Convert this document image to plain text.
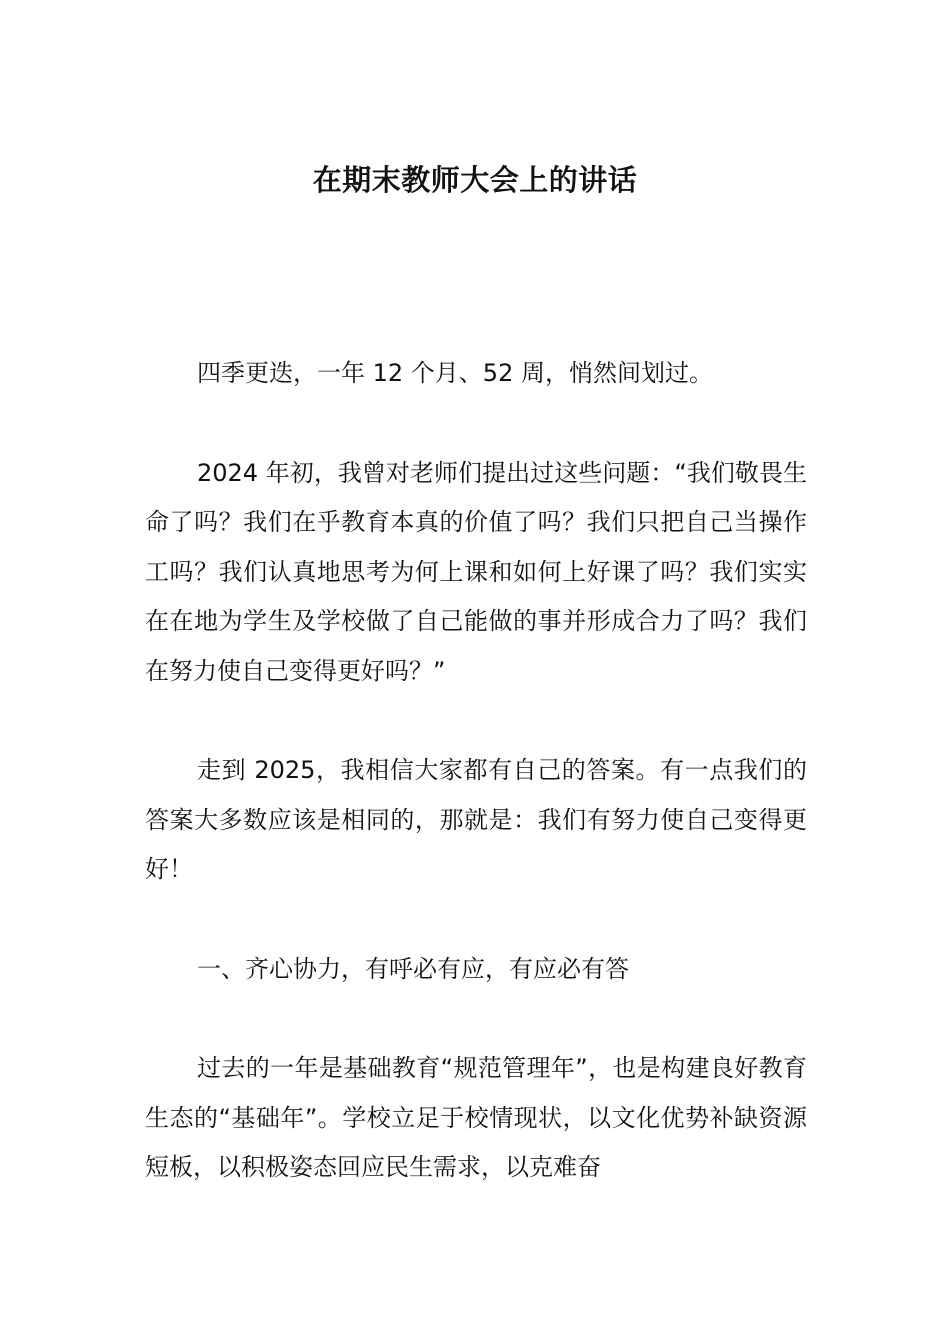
在期末教师大会上的讲话

四季更迭，一年 12 个月、52 周，悄然间划过。

2024 年初，我曾对老师们提出过这些问题：“我们敬畏生命了吗？我们在乎教育本真的价值了吗？我们只把自己当操作工吗？我们认真地思考为何上课和如何上好课了吗？我们实实在在地为学生及学校做了自己能做的事并形成合力了吗？我们在努力使自己变得更好吗？”

走到 2025，我相信大家都有自己的答案。有一点我们的答案大多数应该是相同的，那就是：我们有努力使自己变得更好！

一、齐心协力，有呼必有应，有应必有答

过去的一年是基础教育“规范管理年”，也是构建良好教育生态的“基础年”。学校立足于校情现状，以文化优势补缺资源短板，以积极姿态回应民生需求，以克难奋
